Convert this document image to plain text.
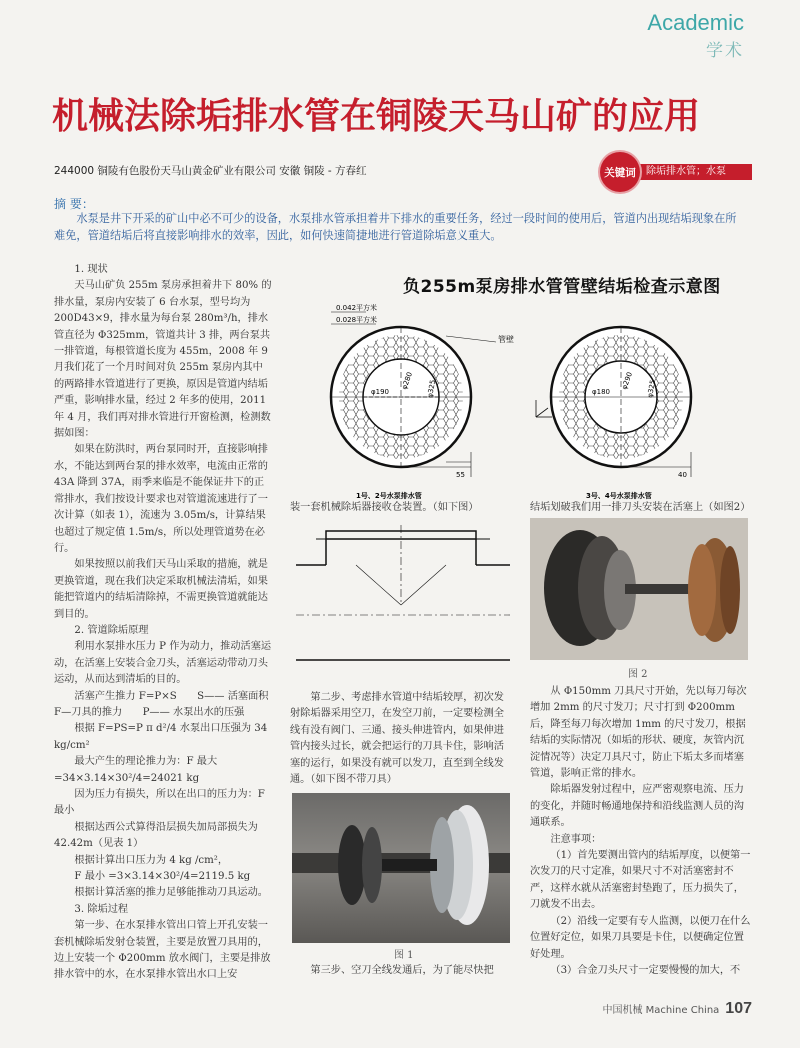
Academic
学术
机械法除垢排水管在铜陵天马山矿的应用
244000 铜陵有色股份天马山黄金矿业有限公司 安徽 铜陵 - 方春红	除垢排水管；水泵
关键词
摘 要：
水泵是井下开采的矿山中必不可少的设备，水泵排水管承担着井下排水的重要任务，经过一段时间的使用后，管道内出现结垢现象在所难免，管道结垢后将直接影响排水的效率，因此，如何快速简捷地进行管道除垢意义重大。

1. 现状

天马山矿负 255m 泵房承担着井下 80% 的排水量，泵房内安装了 6 台水泵，型号均为 200D43×9，排水量为每台泵 280m³/h，排水管直径为 Φ325mm，管道共计 3 排，两台泵共一排管道，每根管道长度为 455m，2008 年 9 月我们花了一个月时间对负 255m 泵房内其中的两路排水管道进行了更换，原因是管道内结垢严重，影响排水量，经过 2 年多的使用，2011 年 4 月，我们再对排水管进行开窗检测，检测数据如图：

如果在防洪时，两台泵同时开，直接影响排水，不能达到两台泵的排水效率，电流由正常的 43A 降到 37A，雨季来临是不能保证井下的正常排水，我们按设计要求也对管道流速进行了一次计算（如表 1），流速为 3.05m/s，计算结果也超过了规定值 1.5m/s，所以处理管道势在必行。

如果按照以前我们天马山采取的措施，就是更换管道，现在我们决定采取机械法清垢，如果能把管道内的结垢清除掉，不需更换管道就能达到目的。

2. 管道除垢原理

利用水泵排水压力 P 作为动力，推动活塞运动，在活塞上安装合金刀头，活塞运动带动刀头运动，从而达到清垢的目的。

活塞产生推力 F=P×S　　S—— 活塞面积　F—刀具的推力　　P—— 水泵出水的压强

根据 F=PS=P π d²/4 水泵出口压强为 34 kg/cm²

最大产生的理论推力为：F 最大=34×3.14×30²/4=24021 kg

因为压力有损失，所以在出口的压力为：F 最小

根据达西公式算得沿层损失加局部损失为 42.42m（见表 1）

根据计算出口压力为 4 kg /cm²，

F 最小 =3×3.14×30²/4=2119.5 kg

根据计算活塞的推力足够能推动刀具运动。

3. 除垢过程

第一步、在水泵排水管出口管上开孔安装一套机械除垢发射仓装置，主要是放置刀具用的，边上安装一个 Φ200mm 放水阀门，主要是排放排水管中的水，在水泵排水管出水口上安

负255m泵房排水管管壁结垢检查示意图
0.042平方米
0.028平方米
管壁
φ190
φ280 φ325
55
1号、2号水泵排水管
φ180
φ290 φ325
40
3号、4号水泵排水管

装一套机械除垢器接收仓装置。（如下图）

第二步、考虑排水管道中结垢较厚，初次发射除垢器采用空刀，在发空刀前，一定要检测全线有没有阀门、三通、接头伸进管内，如果伸进管内接头过长，就会把运行的刀具卡住，影响活塞的运行，如果没有就可以发刀，直至到全线发通。（如下图不带刀具）

图 1

第三步、空刀全线发通后，为了能尽快把

结垢划破我们用一排刀头安装在活塞上（如图2）

图 2

从 Φ150mm 刀具尺寸开始，先以每刀每次增加 2mm 的尺寸发刀；尺寸打到 Φ200mm 后，降至每刀每次增加 1mm 的尺寸发刀，根据结垢的实际情况（如垢的形状、硬度，灰管内沉淀情况等）决定刀具尺寸，防止下垢太多而堵塞管道，影响正常的排水。

除垢器发射过程中，应严密观察电流、压力的变化，并随时畅通地保持和沿线监测人员的沟通联系。

注意事项：

（1）首先要测出管内的结垢厚度，以便第一次发刀的尺寸定准，如果尺寸不对活塞密封不严，这样水就从活塞密封垫跑了，压力损失了，刀就发不出去。

（2）沿线一定要有专人监测，以便刀在什么位置好定位，如果刀具要是卡住，以便确定位置好处理。

（3）合金刀头尺寸一定要慢慢的加大，不

中国机械 Machine China 107
